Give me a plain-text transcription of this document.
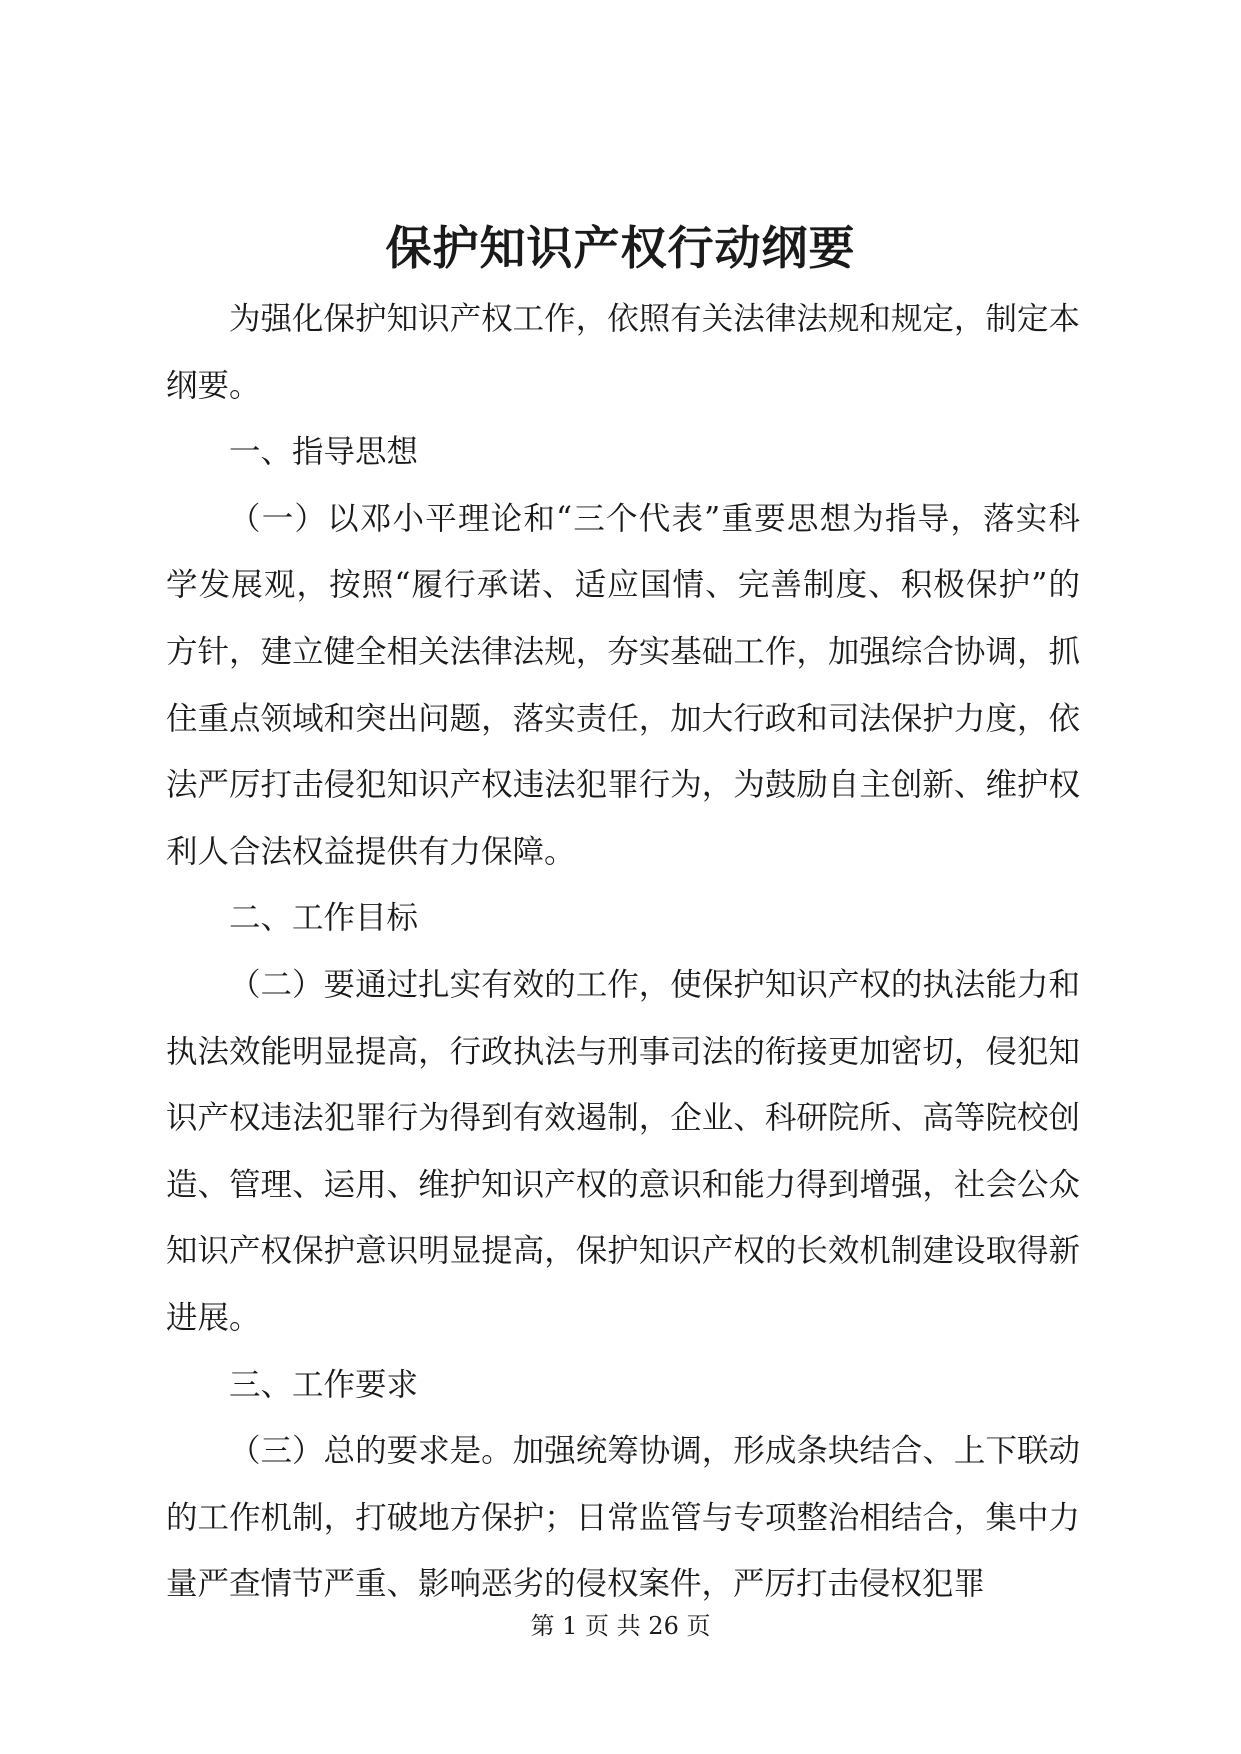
保护知识产权行动纲要

为强化保护知识产权工作，依照有关法律法规和规定，制定本纲要。

一、指导思想

（一）以邓小平理论和“三个代表”重要思想为指导，落实科学发展观，按照“履行承诺、适应国情、完善制度、积极保护”的方针，建立健全相关法律法规，夯实基础工作，加强综合协调，抓住重点领域和突出问题，落实责任，加大行政和司法保护力度，依法严厉打击侵犯知识产权违法犯罪行为，为鼓励自主创新、维护权利人合法权益提供有力保障。

二、工作目标

（二）要通过扎实有效的工作，使保护知识产权的执法能力和执法效能明显提高，行政执法与刑事司法的衔接更加密切，侵犯知识产权违法犯罪行为得到有效遏制，企业、科研院所、高等院校创造、管理、运用、维护知识产权的意识和能力得到增强，社会公众知识产权保护意识明显提高，保护知识产权的长效机制建设取得新进展。

三、工作要求

（三）总的要求是。加强统筹协调，形成条块结合、上下联动的工作机制，打破地方保护；日常监管与专项整治相结合，集中力量严查情节严重、影响恶劣的侵权案件，严厉打击侵权犯罪

第 1 页 共 26 页
